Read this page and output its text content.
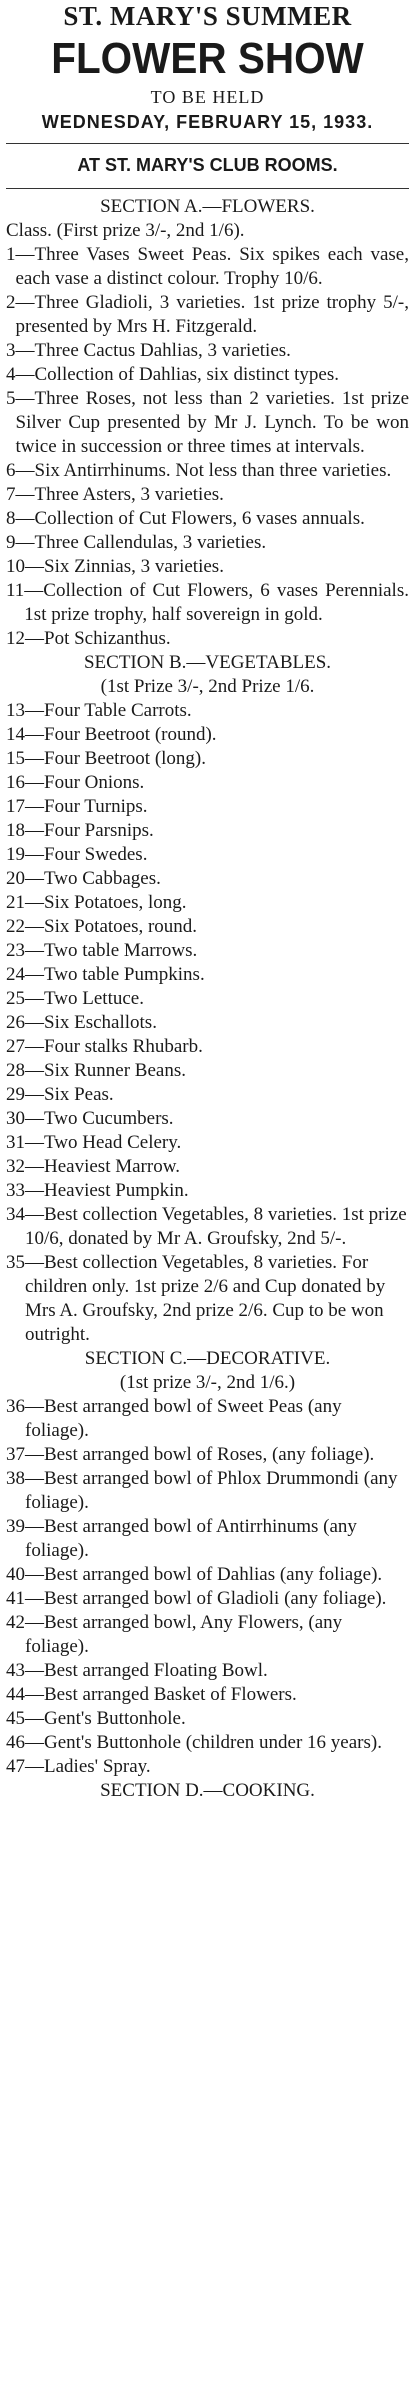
ST. MARY'S SUMMER
FLOWER SHOW
TO BE HELD
WEDNESDAY, FEBRUARY 15, 1933.
AT ST. MARY'S CLUB ROOMS.
SECTION A.—FLOWERS.
Class. (First prize 3/-, 2nd 1/6).
1 —Three Vases Sweet Peas. Six spikes each vase, each vase a distinct colour. Trophy 10/6.
2 —Three Gladioli, 3 varieties. 1st prize trophy 5/-, presented by Mrs H. Fitzgerald.
3 —Three Cactus Dahlias, 3 varieties.
4 —Collection of Dahlias, six distinct types.
5 —Three Roses, not less than 2 varieties. 1st prize Silver Cup presented by Mr J. Lynch. To be won twice in succession or three times at intervals.
6 —Six Antirrhinums. Not less than three varieties.
7 —Three Asters, 3 varieties.
8 —Collection of Cut Flowers, 6 vases annuals.
9 —Three Callendulas, 3 varieties.
10 —Six Zinnias, 3 varieties.
11 —Collection of Cut Flowers, 6 vases Perennials. 1st prize trophy, half sovereign in gold.
12 —Pot Schizanthus.
SECTION B.—VEGETABLES.
(1st Prize 3/-, 2nd Prize 1/6.
13 —Four Table Carrots.
14 —Four Beetroot (round).
15 —Four Beetroot (long).
16 —Four Onions.
17 —Four Turnips.
18 —Four Parsnips.
19 —Four Swedes.
20 —Two Cabbages.
21 —Six Potatoes, long.
22 —Six Potatoes, round.
23 —Two table Marrows.
24 —Two table Pumpkins.
25 —Two Lettuce.
26 —Six Eschallots.
27 —Four stalks Rhubarb.
28 —Six Runner Beans.
29 —Six Peas.
30 —Two Cucumbers.
31 —Two Head Celery.
32 —Heaviest Marrow.
33 —Heaviest Pumpkin.
34 —Best collection Vegetables, 8 varieties. 1st prize 10/6, donated by Mr A. Groufsky, 2nd 5/-.
35 —Best collection Vegetables, 8 varieties. For children only. 1st prize 2/6 and Cup donated by Mrs A. Groufsky, 2nd prize 2/6. Cup to be won outright.
SECTION C.—DECORATIVE.
(1st prize 3/-, 2nd 1/6.)
36 —Best arranged bowl of Sweet Peas (any foliage).
37 —Best arranged bowl of Roses, (any foliage).
38 —Best arranged bowl of Phlox Drummondi (any foliage).
39 —Best arranged bowl of Antirrhinums (any foliage).
40 —Best arranged bowl of Dahlias (any foliage).
41 —Best arranged bowl of Gladioli (any foliage).
42 —Best arranged bowl, Any Flowers, (any foliage).
43 —Best arranged Floating Bowl.
44 —Best arranged Basket of Flowers.
45 —Gent's Buttonhole.
46 —Gent's Buttonhole (children under 16 years).
47 —Ladies' Spray.
SECTION D.—COOKING.
